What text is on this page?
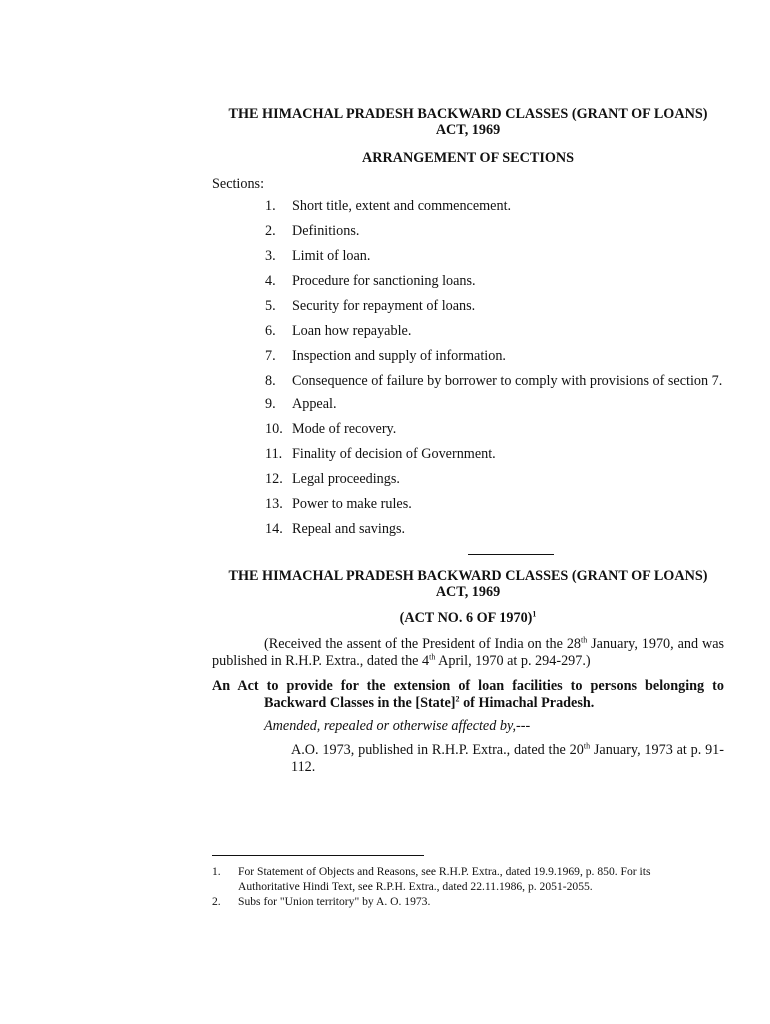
THE HIMACHAL PRADESH BACKWARD CLASSES (GRANT OF LOANS) ACT, 1969

ARRANGEMENT OF SECTIONS

Sections:

1.	Short title, extent and commencement.
2.	Definitions.
3.	Limit of loan.
4.	Procedure for sanctioning loans.
5.	Security for repayment of loans.
6.	Loan how repayable.
7.	Inspection and supply of information.
8.	Consequence of failure by borrower to comply with provisions of section 7.
9.	Appeal.
10. Mode of recovery.
11. Finality of decision of Government.
12. Legal proceedings.
13. Power to make rules.
14. Repeal and savings.

THE HIMACHAL PRADESH BACKWARD CLASSES (GRANT OF LOANS) ACT, 1969

(ACT NO. 6 OF 1970)$^1$

(Received the assent of the President of India on the 28th January, 1970, and was published in R.H.P. Extra., dated the 4th April, 1970 at p. 294-297.)

An Act to provide for the extension of loan facilities to persons belonging to Backward Classes in the [State]$^2$ of Himachal Pradesh.

Amended, repealed or otherwise affected by,---

A.O. 1973, published in R.H.P. Extra., dated the 20th January, 1973 at p. 91-112.

1.	For Statement of Objects and Reasons, see R.H.P. Extra., dated 19.9.1969, p. 850. For its Authoritative Hindi Text, see R.P.H. Extra., dated 22.11.1986, p. 2051-2055.
2.	Subs for "Union territory" by A. O. 1973.
